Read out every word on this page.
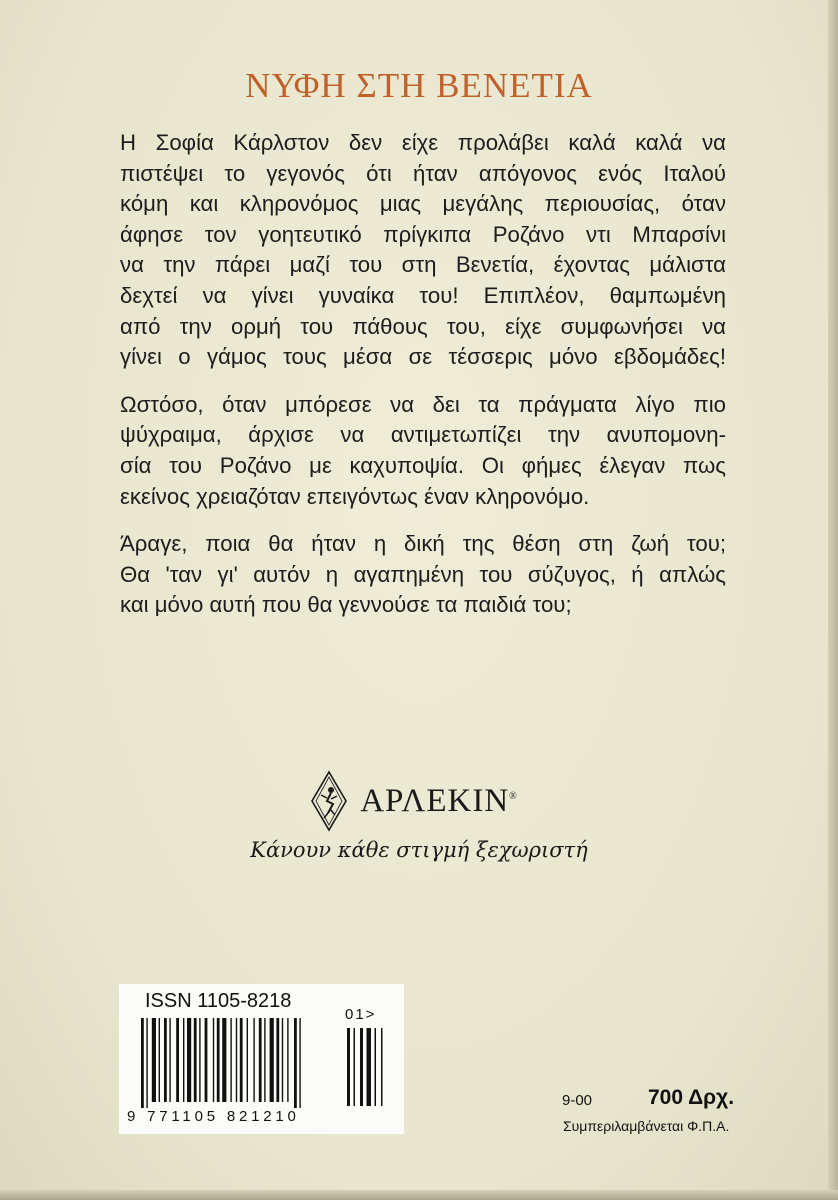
ΝΥΦΗ ΣΤΗ ΒΕΝΕΤΙΑ

Η Σοφία Κάρλστον δεν είχε προλάβει καλά καλά να
πιστέψει το γεγονός ότι ήταν απόγονος ενός Ιταλού
κόμη και κληρονόμος μιας μεγάλης περιουσίας, όταν
άφησε τον γοητευτικό πρίγκιπα Ροζάνο ντι Μπαρσίνι
να την πάρει μαζί του στη Βενετία, έχοντας μάλιστα
δεχτεί να γίνει γυναίκα του! Επιπλέον, θαμπωμένη
από την ορμή του πάθους του, είχε συμφωνήσει να
γίνει ο γάμος τους μέσα σε τέσσερις μόνο εβδομάδες!

Ωστόσο, όταν μπόρεσε να δει τα πράγματα λίγο πιο
ψύχραιμα, άρχισε να αντιμετωπίζει την ανυπομονη-
σία του Ροζάνο με καχυποψία. Οι φήμες έλεγαν πως
εκείνος χρειαζόταν επειγόντως έναν κληρονόμο.

Άραγε, ποια θα ήταν η δική της θέση στη ζωή του;
Θα 'ταν γι' αυτόν η αγαπημένη του σύζυγος, ή απλώς
και μόνο αυτή που θα γεννούσε τα παιδιά του;

ΑΡΛΕΚΙΝ®
Κάνουν κάθε στιγμή ξεχωριστή
ISSN 1105-8218
01>
9 771105 821210
9-00	700 Δρχ.
Συμπεριλαμβάνεται Φ.Π.Α.
